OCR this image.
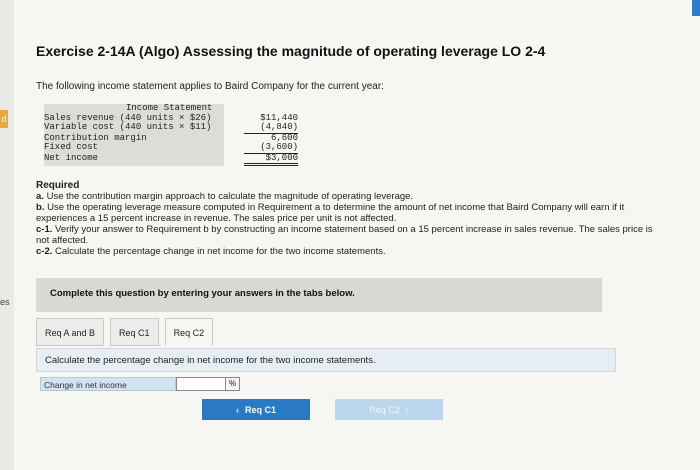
d
es
Exercise 2-14A (Algo) Assessing the magnitude of operating leverage LO 2-4
The following income statement applies to Baird Company for the current year:
Income Statement
Sales revenue (440 units × $26)	$11,440
Variable cost (440 units × $11)	(4,840)
Contribution margin	6,600
Fixed cost	(3,600)
Net income	$3,000
Required
a. Use the contribution margin approach to calculate the magnitude of operating leverage.
b. Use the operating leverage measure computed in Requirement a to determine the amount of net income that Baird Company will earn if it experiences a 15 percent increase in revenue. The sales price per unit is not affected.
c-1. Verify your answer to Requirement b by constructing an income statement based on a 15 percent increase in sales revenue. The sales price is not affected.
c-2. Calculate the percentage change in net income for the two income statements.
Complete this question by entering your answers in the tabs below.
Req A and B	Req C1	Req C2
Calculate the percentage change in net income for the two income statements.
Change in net income	%
‹ Req C1	Req C2 ›
